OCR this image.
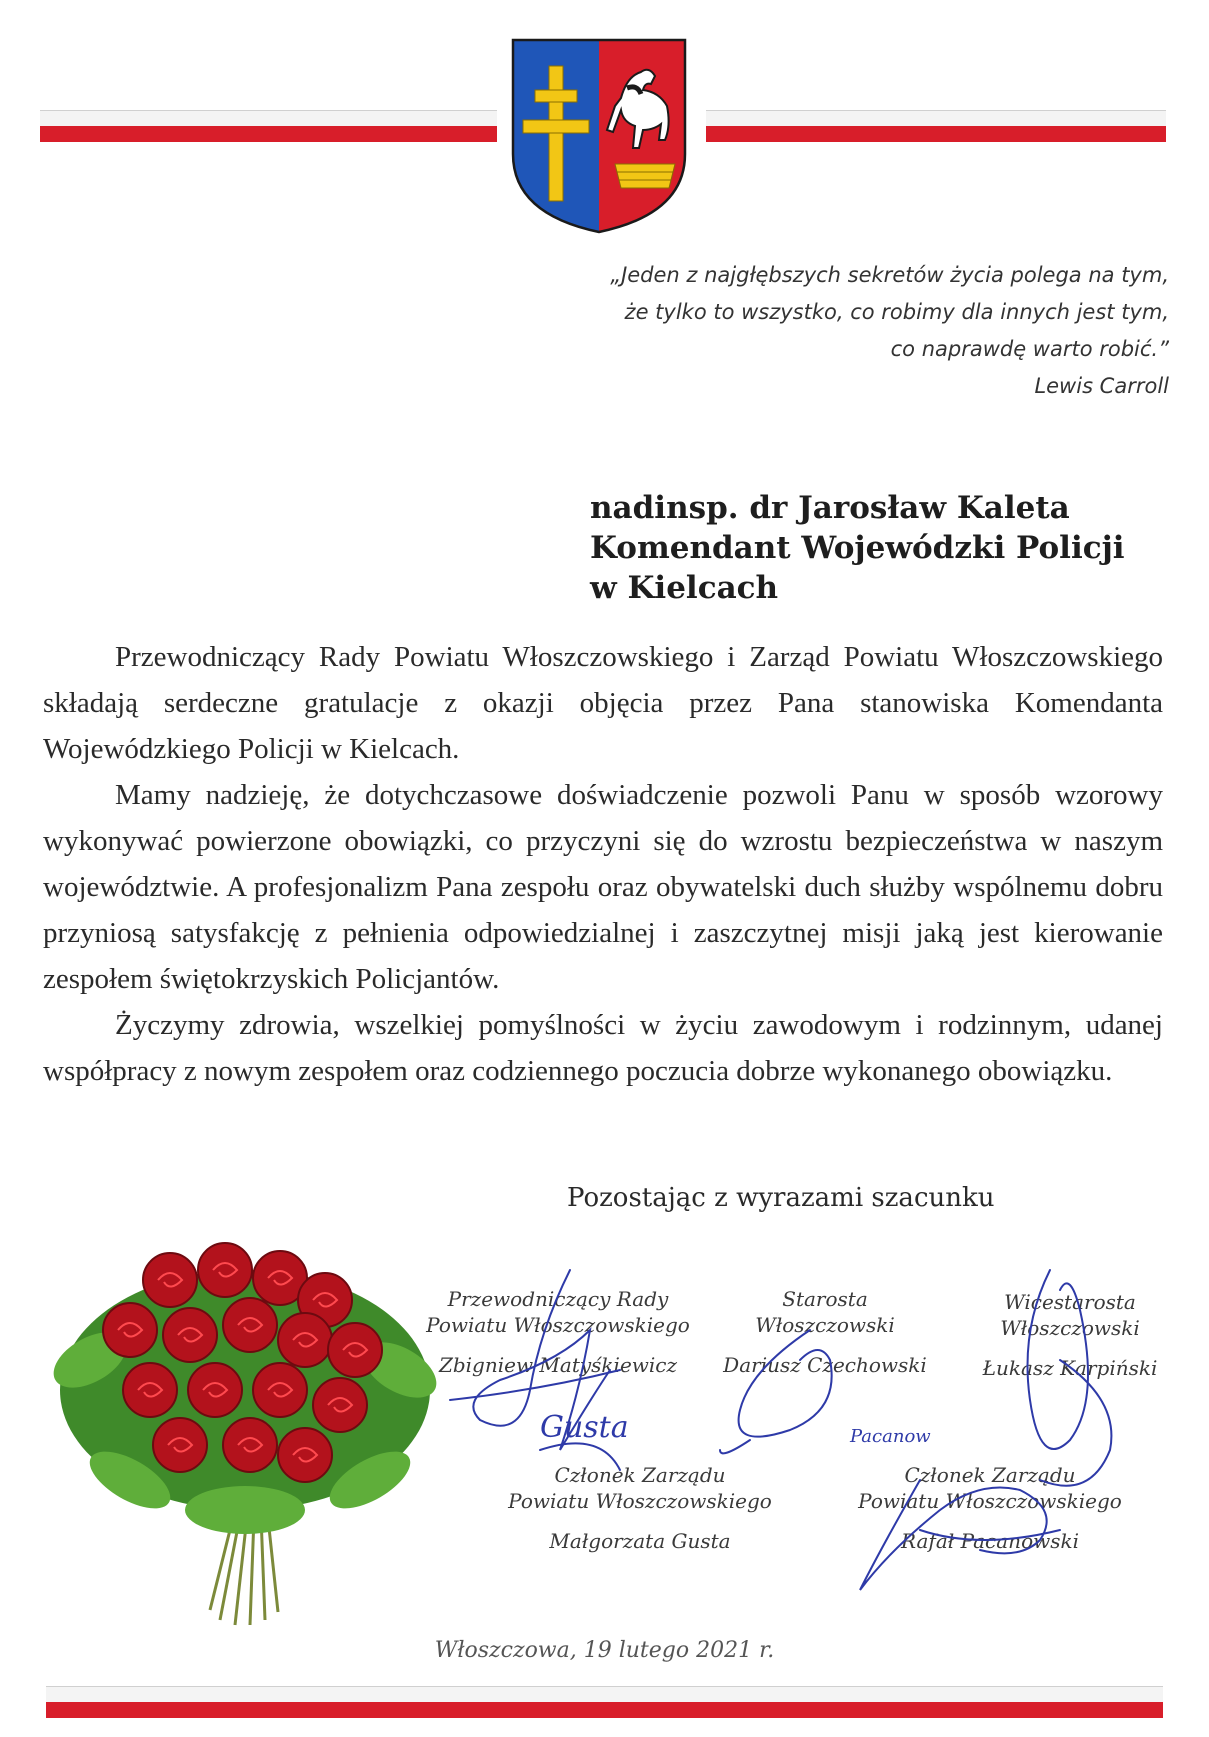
„Jeden z najgłębszych sekretów życia polega na tym,
że tylko to wszystko, co robimy dla innych jest tym,
co naprawdę warto robić.”
Lewis Carroll
nadinsp. dr Jarosław Kaleta
Komendant Wojewódzki Policji
w Kielcach

Przewodniczący Rady Powiatu Włoszczowskiego i Zarząd Powiatu Włoszczowskiego składają serdeczne gratulacje z okazji objęcia przez Pana stanowiska Komendanta Wojewódzkiego Policji w Kielcach.

Mamy nadzieję, że dotychczasowe doświadczenie pozwoli Panu w sposób wzorowy wykonywać powierzone obowiązki, co przyczyni się do wzrostu bezpieczeństwa w naszym województwie. A profesjonalizm Pana zespołu oraz obywatelski duch służby wspólnemu dobru przyniosą satysfakcję z pełnienia odpowiedzialnej i zaszczytnej misji jaką jest kierowanie zespołem świętokrzyskich Policjantów.

Życzymy zdrowia, wszelkiej pomyślności w życiu zawodowym i rodzinnym, udanej współpracy z nowym zespołem oraz codziennego poczucia dobrze wykonanego obowiązku.

Pozostając z wyrazami szacunku
Przewodniczący Rady
Powiatu Włoszczowskiego
Zbigniew Matyśkiewicz
Starosta
Włoszczowski
Dariusz Czechowski
Wicestarosta
Włoszczowski
Łukasz Karpiński
Członek Zarządu
Powiatu Włoszczowskiego
Małgorzata Gusta
Członek Zarządu
Powiatu Włoszczowskiego
Rafał Pacanowski
Gusta	Pacanow
Włoszczowa, 19 lutego 2021 r.
